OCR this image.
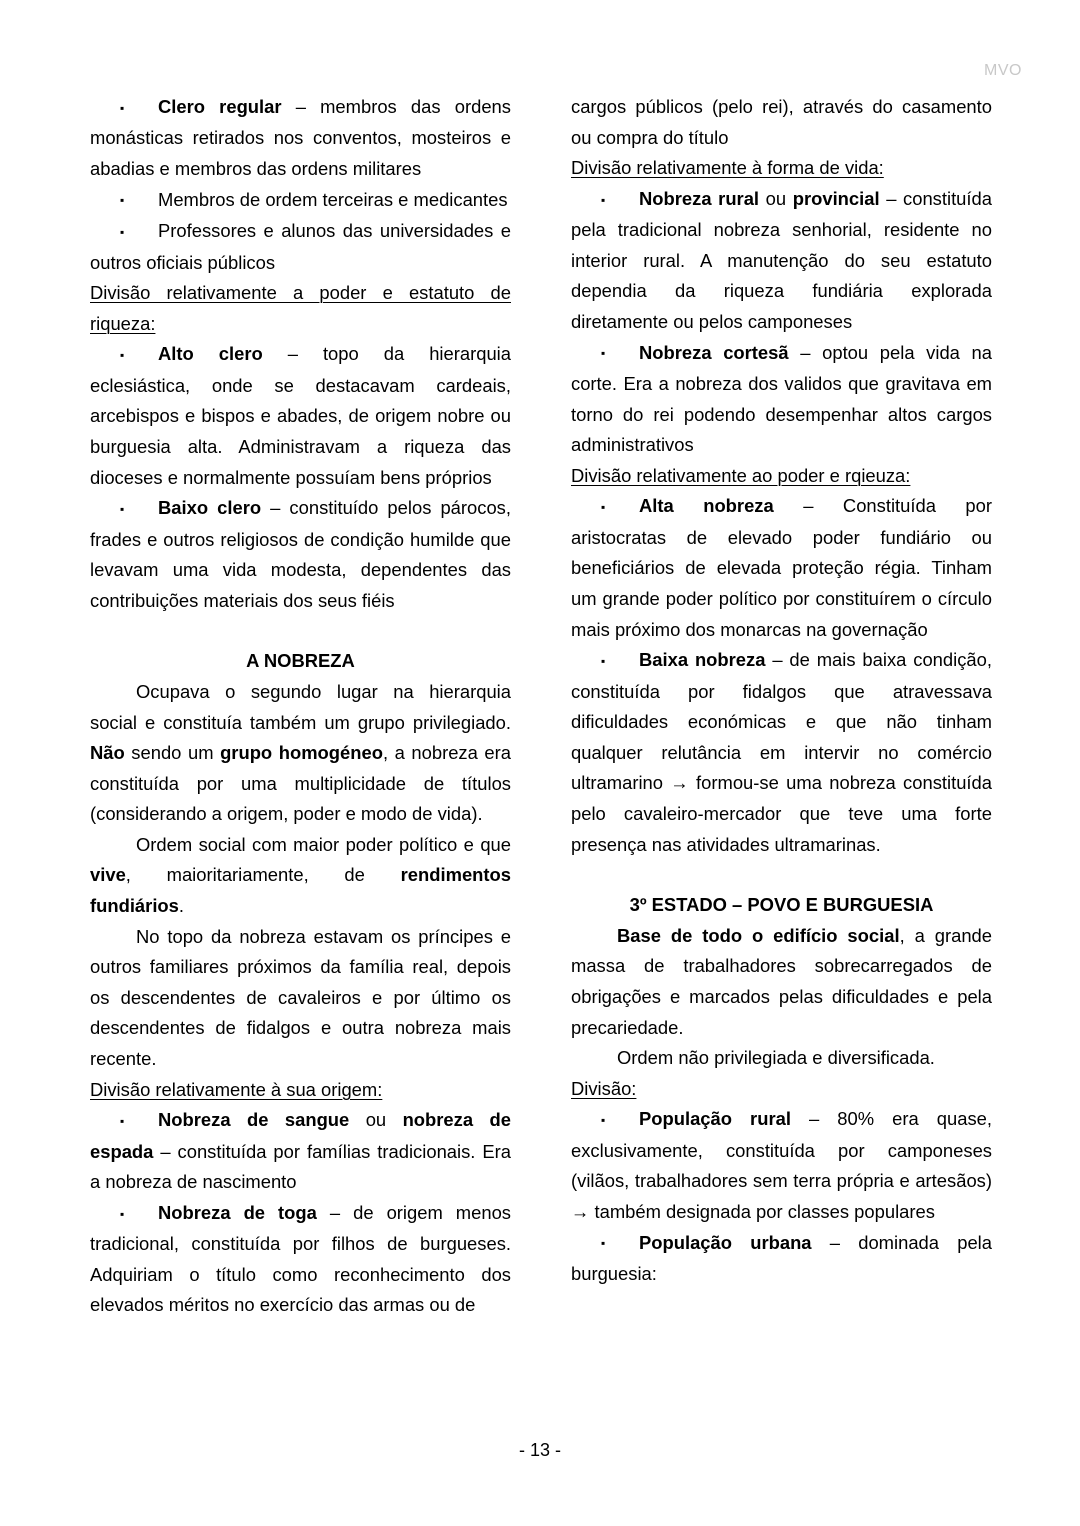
MVO

▪ Clero regular – membros das ordens monásticas retirados nos conventos, mosteiros e abadias e membros das ordens militares

▪ Membros de ordem terceiras e medicantes

▪ Professores e alunos das universidades e outros oficiais públicos

Divisão relativamente a poder e estatuto de riqueza:

▪ Alto clero – topo da hierarquia eclesiástica, onde se destacavam cardeais, arcebispos e bispos e abades, de origem nobre ou burguesia alta. Administravam a riqueza das dioceses e normalmente possuíam bens próprios

▪ Baixo clero – constituído pelos párocos, frades e outros religiosos de condição humilde que levavam uma vida modesta, dependentes das contribuições materiais dos seus fiéis

A NOBREZA

Ocupava o segundo lugar na hierarquia social e constituía também um grupo privilegiado. Não sendo um grupo homogéneo, a nobreza era constituída por uma multiplicidade de títulos (considerando a origem, poder e modo de vida).

Ordem social com maior poder político e que vive, maioritariamente, de rendimentos fundiários.

No topo da nobreza estavam os príncipes e outros familiares próximos da família real, depois os descendentes de cavaleiros e por último os descendentes de fidalgos e outra nobreza mais recente.

Divisão relativamente à sua origem:

▪ Nobreza de sangue ou nobreza de espada – constituída por famílias tradicionais. Era a nobreza de nascimento

▪ Nobreza de toga – de origem menos tradicional, constituída por filhos de burgueses. Adquiriam o título como reconhecimento dos elevados méritos no exercício das armas ou de

cargos públicos (pelo rei), através do casamento ou compra do título

Divisão relativamente à forma de vida:

▪ Nobreza rural ou provincial – constituída pela tradicional nobreza senhorial, residente no interior rural. A manutenção do seu estatuto dependia da riqueza fundiária explorada diretamente ou pelos camponeses

▪ Nobreza cortesã – optou pela vida na corte. Era a nobreza dos validos que gravitava em torno do rei podendo desempenhar altos cargos administrativos

Divisão relativamente ao poder e rqieuza:

▪ Alta nobreza – Constituída por aristocratas de elevado poder fundiário ou beneficiários de elevada proteção régia. Tinham um grande poder político por constituírem o círculo mais próximo dos monarcas na governação

▪ Baixa nobreza – de mais baixa condição, constituída por fidalgos que atravessava dificuldades económicas e que não tinham qualquer relutância em intervir no comércio ultramarino → formou-se uma nobreza constituída pelo cavaleiro-mercador que teve uma forte presença nas atividades ultramarinas.

3º ESTADO – POVO E BURGUESIA

Base de todo o edifício social, a grande massa de trabalhadores sobrecarregados de obrigações e marcados pelas dificuldades e pela precariedade.

Ordem não privilegiada e diversificada.

Divisão:

▪ População rural – 80% era quase, exclusivamente, constituída por camponeses (vilãos, trabalhadores sem terra própria e artesãos) → também designada por classes populares

▪ População urbana – dominada pela burguesia:

- 13 -
